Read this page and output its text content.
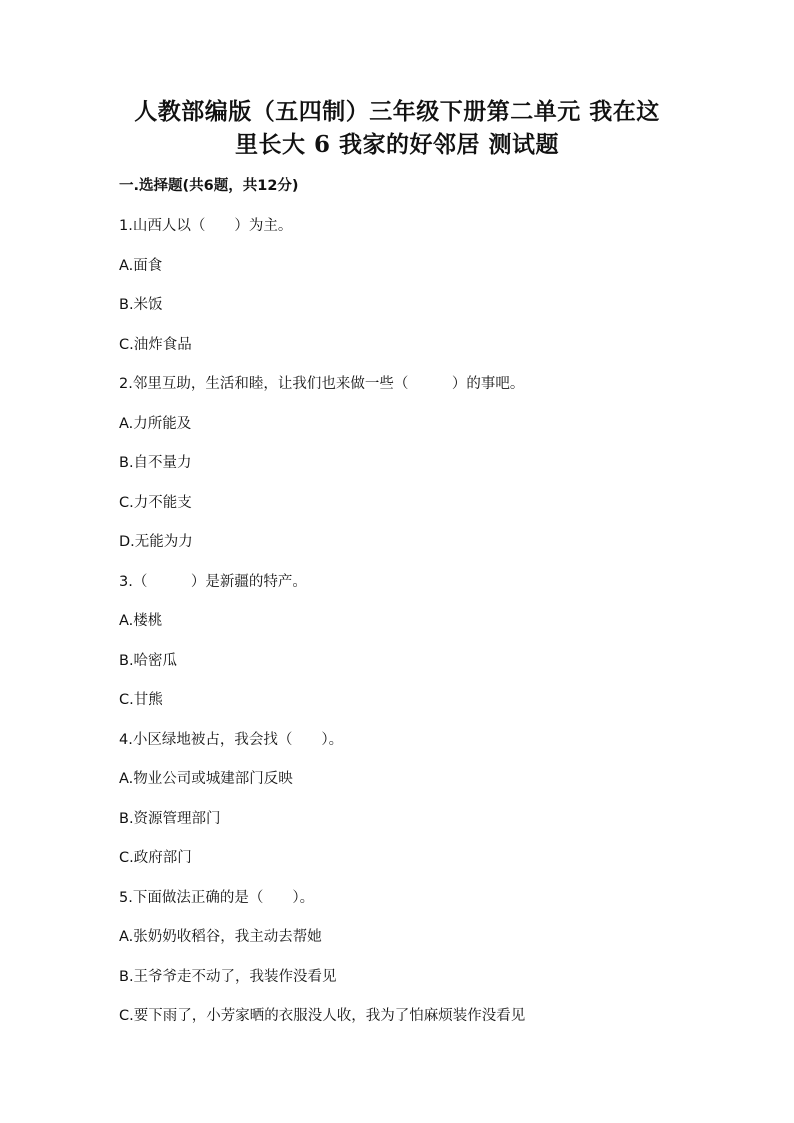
人教部编版（五四制）三年级下册第二单元 我在这
里长大 6 我家的好邻居 测试题
一.选择题(共6题，共12分)
1.山西人以（　　）为主。
A.面食
B.米饭
C.油炸食品
2.邻里互助，生活和睦，让我们也来做一些（　　　）的事吧。
A.力所能及
B.自不量力
C.力不能支
D.无能为力
3.（　　　）是新疆的特产。
A.楼桃
B.哈密瓜
C.甘熊
4.小区绿地被占，我会找（　　）。
A.物业公司或城建部门反映
B.资源管理部门
C.政府部门
5.下面做法正确的是（　　）。
A.张奶奶收稻谷，我主动去帮她
B.王爷爷走不动了，我装作没看见
C.要下雨了，小芳家晒的衣服没人收，我为了怕麻烦装作没看见
